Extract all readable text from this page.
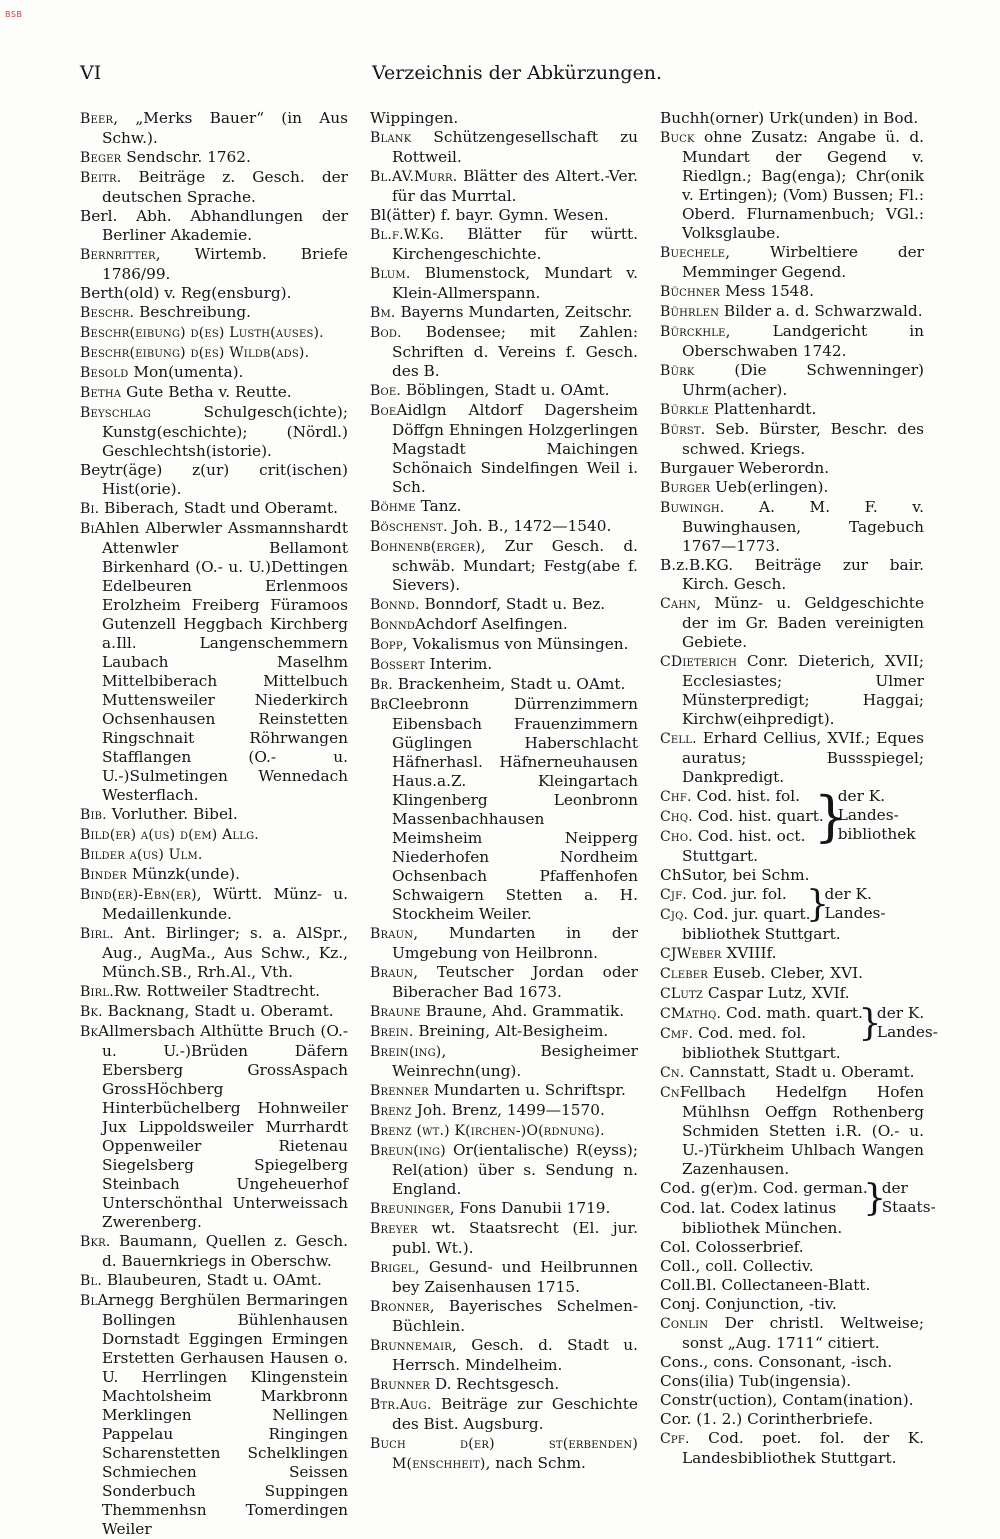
BSB
VI	Verzeichnis der Abkürzungen.

Beer, „Merks Bauer“ (in Aus Schw.).

Beger Sendschr. 1762.

Beitr. Beiträge z. Gesch. der deutschen Sprache.

Berl. Abh. Abhandlungen der Berliner Akademie.

Bernritter, Wirtemb. Briefe 1786/99.

Berth(old) v. Reg(ensburg).

Beschr. Beschreibung.

Beschr(eibung) d(es) Lusth(auses).

Beschr(eibung) d(es) Wildb(ads).

Besold Mon(umenta).

Betha Gute Betha v. Reutte.

Beyschlag Schulgesch(ichte); Kunstg(eschichte); (Nördl.) Geschlechtsh(istorie).

Beytr(äge) z(ur) crit(ischen) Hist(orie).

Bi. Biberach, Stadt und Oberamt.

BiAhlen Alberwler Assmannshardt Attenwler Bellamont Birkenhard (O.- u. U.)Dettingen Edelbeuren Erlenmoos Erolzheim Freiberg Füramoos Gutenzell Heggbach Kirchberg a.Ill. Langenschemmern Laubach Maselhm Mittelbiberach Mittelbuch Muttensweiler Niederkirch Ochsenhausen Reinstetten Ringschnait Röhrwangen Stafflangen (O.- u. U.-)Sulmetingen Wennedach Westerflach.

Bib. Vorluther. Bibel.

Bild(er) a(us) d(em) Allg.

Bilder a(us) Ulm.

Binder Münzk(unde).

Bind(er)-Ebn(er), Württ. Münz- u. Medaillenkunde.

Birl. Ant. Birlinger; s. a. AlSpr., Aug., AugMa., Aus Schw., Kz., Münch.SB., Rrh.Al., Vth.

Birl.Rw. Rottweiler Stadtrecht.

Bk. Backnang, Stadt u. Oberamt.

BkAllmersbach Althütte Bruch (O.- u. U.-)Brüden Däfern Ebersberg GrossAspach GrossHöchberg Hinterbüchelberg Hohnweiler Jux Lippoldsweiler Murrhardt Oppenweiler Rietenau Siegelsberg Spiegelberg Steinbach Ungeheuerhof Unterschönthal Unterweissach Zwerenberg.

Bkr. Baumann, Quellen z. Gesch. d. Bauernkriegs in Oberschw.

Bl. Blaubeuren, Stadt u. OAmt.

BlArnegg Berghülen Bermaringen Bollingen Bühlenhausen Dornstadt Eggingen Ermingen Erstetten Gerhausen Hausen o. U. Herrlingen Klingenstein Machtolsheim Markbronn Merklingen Nellingen Pappelau Ringingen Scharenstetten Schelklingen Schmiechen Seissen Sonderbuch Suppingen Themmenhsn Tomerdingen Weiler

Wippingen.

Blank Schützengesellschaft zu Rottweil.

Bl.AV.Murr. Blätter des Altert.-Ver. für das Murrtal.

Bl(ätter) f. bayr. Gymn. Wesen.

Bl.f.W.Kg. Blätter für württ. Kirchengeschichte.

Blum. Blumenstock, Mundart v. Klein-Allmerspann.

Bm. Bayerns Mundarten, Zeitschr.

Bod. Bodensee; mit Zahlen: Schriften d. Vereins f. Gesch. des B.

Boe. Böblingen, Stadt u. OAmt.

BoeAidlgn Altdorf Dagersheim Döffgn Ehningen Holzgerlingen Magstadt Maichingen Schönaich Sindelfingen Weil i. Sch.

Böhme Tanz.

Böschenst. Joh. B., 1472—1540.

Bohnenb(erger), Zur Gesch. d. schwäb. Mundart; Festg(abe f. Sievers).

Bonnd. Bonndorf, Stadt u. Bez.

BonndAchdorf Aselfingen.

Bopp, Vokalismus von Münsingen.

Bossert Interim.

Br. Brackenheim, Stadt u. OAmt.

BrCleebronn Dürrenzimmern Eibensbach Frauenzimmern Güglingen Haberschlacht Häfnerhasl. Häfnerneuhausen Haus.a.Z. Kleingartach Klingenberg Leonbronn Massenbachhausen Meimsheim Neipperg Niederhofen Nordheim Ochsenbach Pfaffenhofen Schwaigern Stetten a. H. Stockheim Weiler.

Braun, Mundarten in der Umgebung von Heilbronn.

Braun, Teutscher Jordan oder Biberacher Bad 1673.

Braune Braune, Ahd. Grammatik.

Brein. Breining, Alt-Besigheim.

Brein(ing), Besigheimer Weinrechn(ung).

Brenner Mundarten u. Schriftspr.

Brenz Joh. Brenz, 1499—1570.

Brenz (wt.) K(irchen-)O(rdnung).

Breun(ing) Or(ientalische) R(eyss); Rel(ation) über s. Sendung n. England.

Breuninger, Fons Danubii 1719.

Breyer wt. Staatsrecht (El. jur. publ. Wt.).

Brigel, Gesund- und Heilbrunnen bey Zaisenhausen 1715.

Bronner, Bayerisches Schelmen-Büchlein.

Brunnemair, Gesch. d. Stadt u. Herrsch. Mindelheim.

Brunner D. Rechtsgesch.

Btr.Aug. Beiträge zur Geschichte des Bist. Augsburg.

Buch d(er) st(erbenden) M(enschheit), nach Schm.

Buchh(orner) Urk(unden) in Bod.

Buck ohne Zusatz: Angabe ü. d. Mundart der Gegend v. Riedlgn.; Bag(enga); Chr(onik v. Ertingen); (Vom) Bussen; Fl.: Oberd. Flurnamenbuch; VGl.: Volksglaube.

Buechele, Wirbeltiere der Memminger Gegend.

Büchner Mess 1548.

Bührlen Bilder a. d. Schwarzwald.

Bürckhle, Landgericht in Oberschwaben 1742.

Bürk (Die Schwenninger) Uhrm(acher).

Bürkle Plattenhardt.

Bürst. Seb. Bürster, Beschr. des schwed. Kriegs.

Burgauer Weberordn.

Burger Ueb(erlingen).

Buwingh. A. M. F. v. Buwinghausen, Tagebuch 1767—1773.

B.z.B.KG. Beiträge zur bair. Kirch. Gesch.

Cahn, Münz- u. Geldgeschichte der im Gr. Baden vereinigten Gebiete.

CDieterich Conr. Dieterich, XVII; Ecclesiastes; Ulmer Münsterpredigt; Haggai; Kirchw(eihpredigt).

Cell. Erhard Cellius, XVIf.; Eques auratus; Bussspiegel; Dankpredigt.

Chf. Cod. hist. fol.
Chq. Cod. hist. quart.
Cho. Cod. hist. oct. }
der K. Landes-bibliothek

Stuttgart.

ChSutor, bei Schm.

Cjf. Cod. jur. fol.
Cjq. Cod. jur. quart.
}
der K. Landes-

bibliothek Stuttgart.

CJWeber XVIIIf.

Cleber Euseb. Cleber, XVI.

CLutz Caspar Lutz, XVIf.

CMathq. Cod. math. quart.
Cmf. Cod. med. fol.	}
der K. Landes-

bibliothek Stuttgart.

Cn. Cannstatt, Stadt u. Oberamt.

CnFellbach Hedelfgn Hofen Mühlhsn Oeffgn Rothenberg Schmiden Stetten i.R. (O.- u. U.-)Türkheim Uhlbach Wangen Zazenhausen.

Cod. g(er)m. Cod. german.
Cod. lat. Codex latinus }
der Staats-

bibliothek München.

Col. Colosserbrief.

Coll., coll. Collectiv.

Coll.Bl. Collectaneen-Blatt.

Conj. Conjunction, -tiv.

Conlin Der christl. Weltweise; sonst „Aug. 1711“ citiert.

Cons., cons. Consonant, -isch.

Cons(ilia) Tub(ingensia).

Constr(uction), Contam(ination).

Cor. (1. 2.) Corintherbriefe.

Cpf. Cod. poet. fol. der K. Landesbibliothek Stuttgart.
